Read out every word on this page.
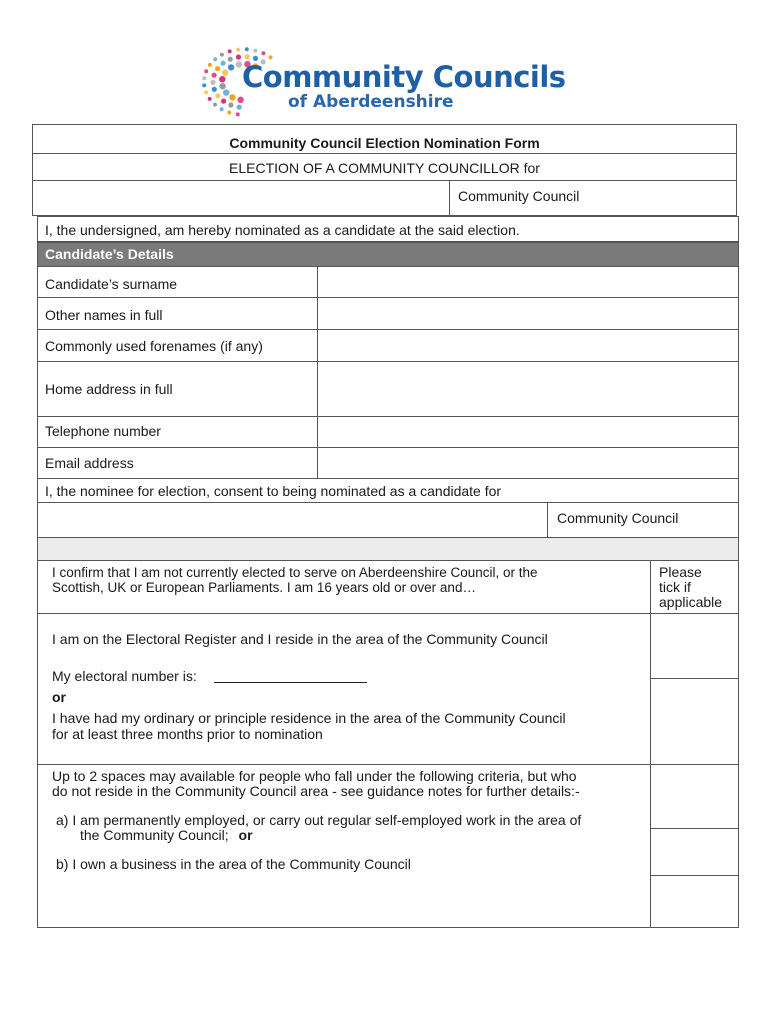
Community Councils
of Aberdeenshire
Community Council Election Nomination Form
ELECTION OF A COMMUNITY COUNCILLOR for
Community Council
I, the undersigned, am hereby nominated as a candidate at the said election.
Candidate’s Details
Candidate’s surname
Other names in full
Commonly used forenames (if any)
Home address in full
Telephone number
Email address
I, the nominee for election, consent to being nominated as a candidate for
Community Council
I confirm that I am not currently elected to serve on Aberdeenshire Council, or the
Scottish, UK or European Parliaments. I am 16 years old or over and…
Please
tick if
applicable
I am on the Electoral Register and I reside in the area of the Community Council
My electoral number is:
or
I have had my ordinary or principle residence in the area of the Community Council
for at least three months prior to nomination
Up to 2 spaces may available for people who fall under the following criteria, but who
do not reside in the Community Council area - see guidance notes for further details:-
a) I am permanently employed, or carry out regular self-employed work in the area of
the Community Council; or
b) I own a business in the area of the Community Council
